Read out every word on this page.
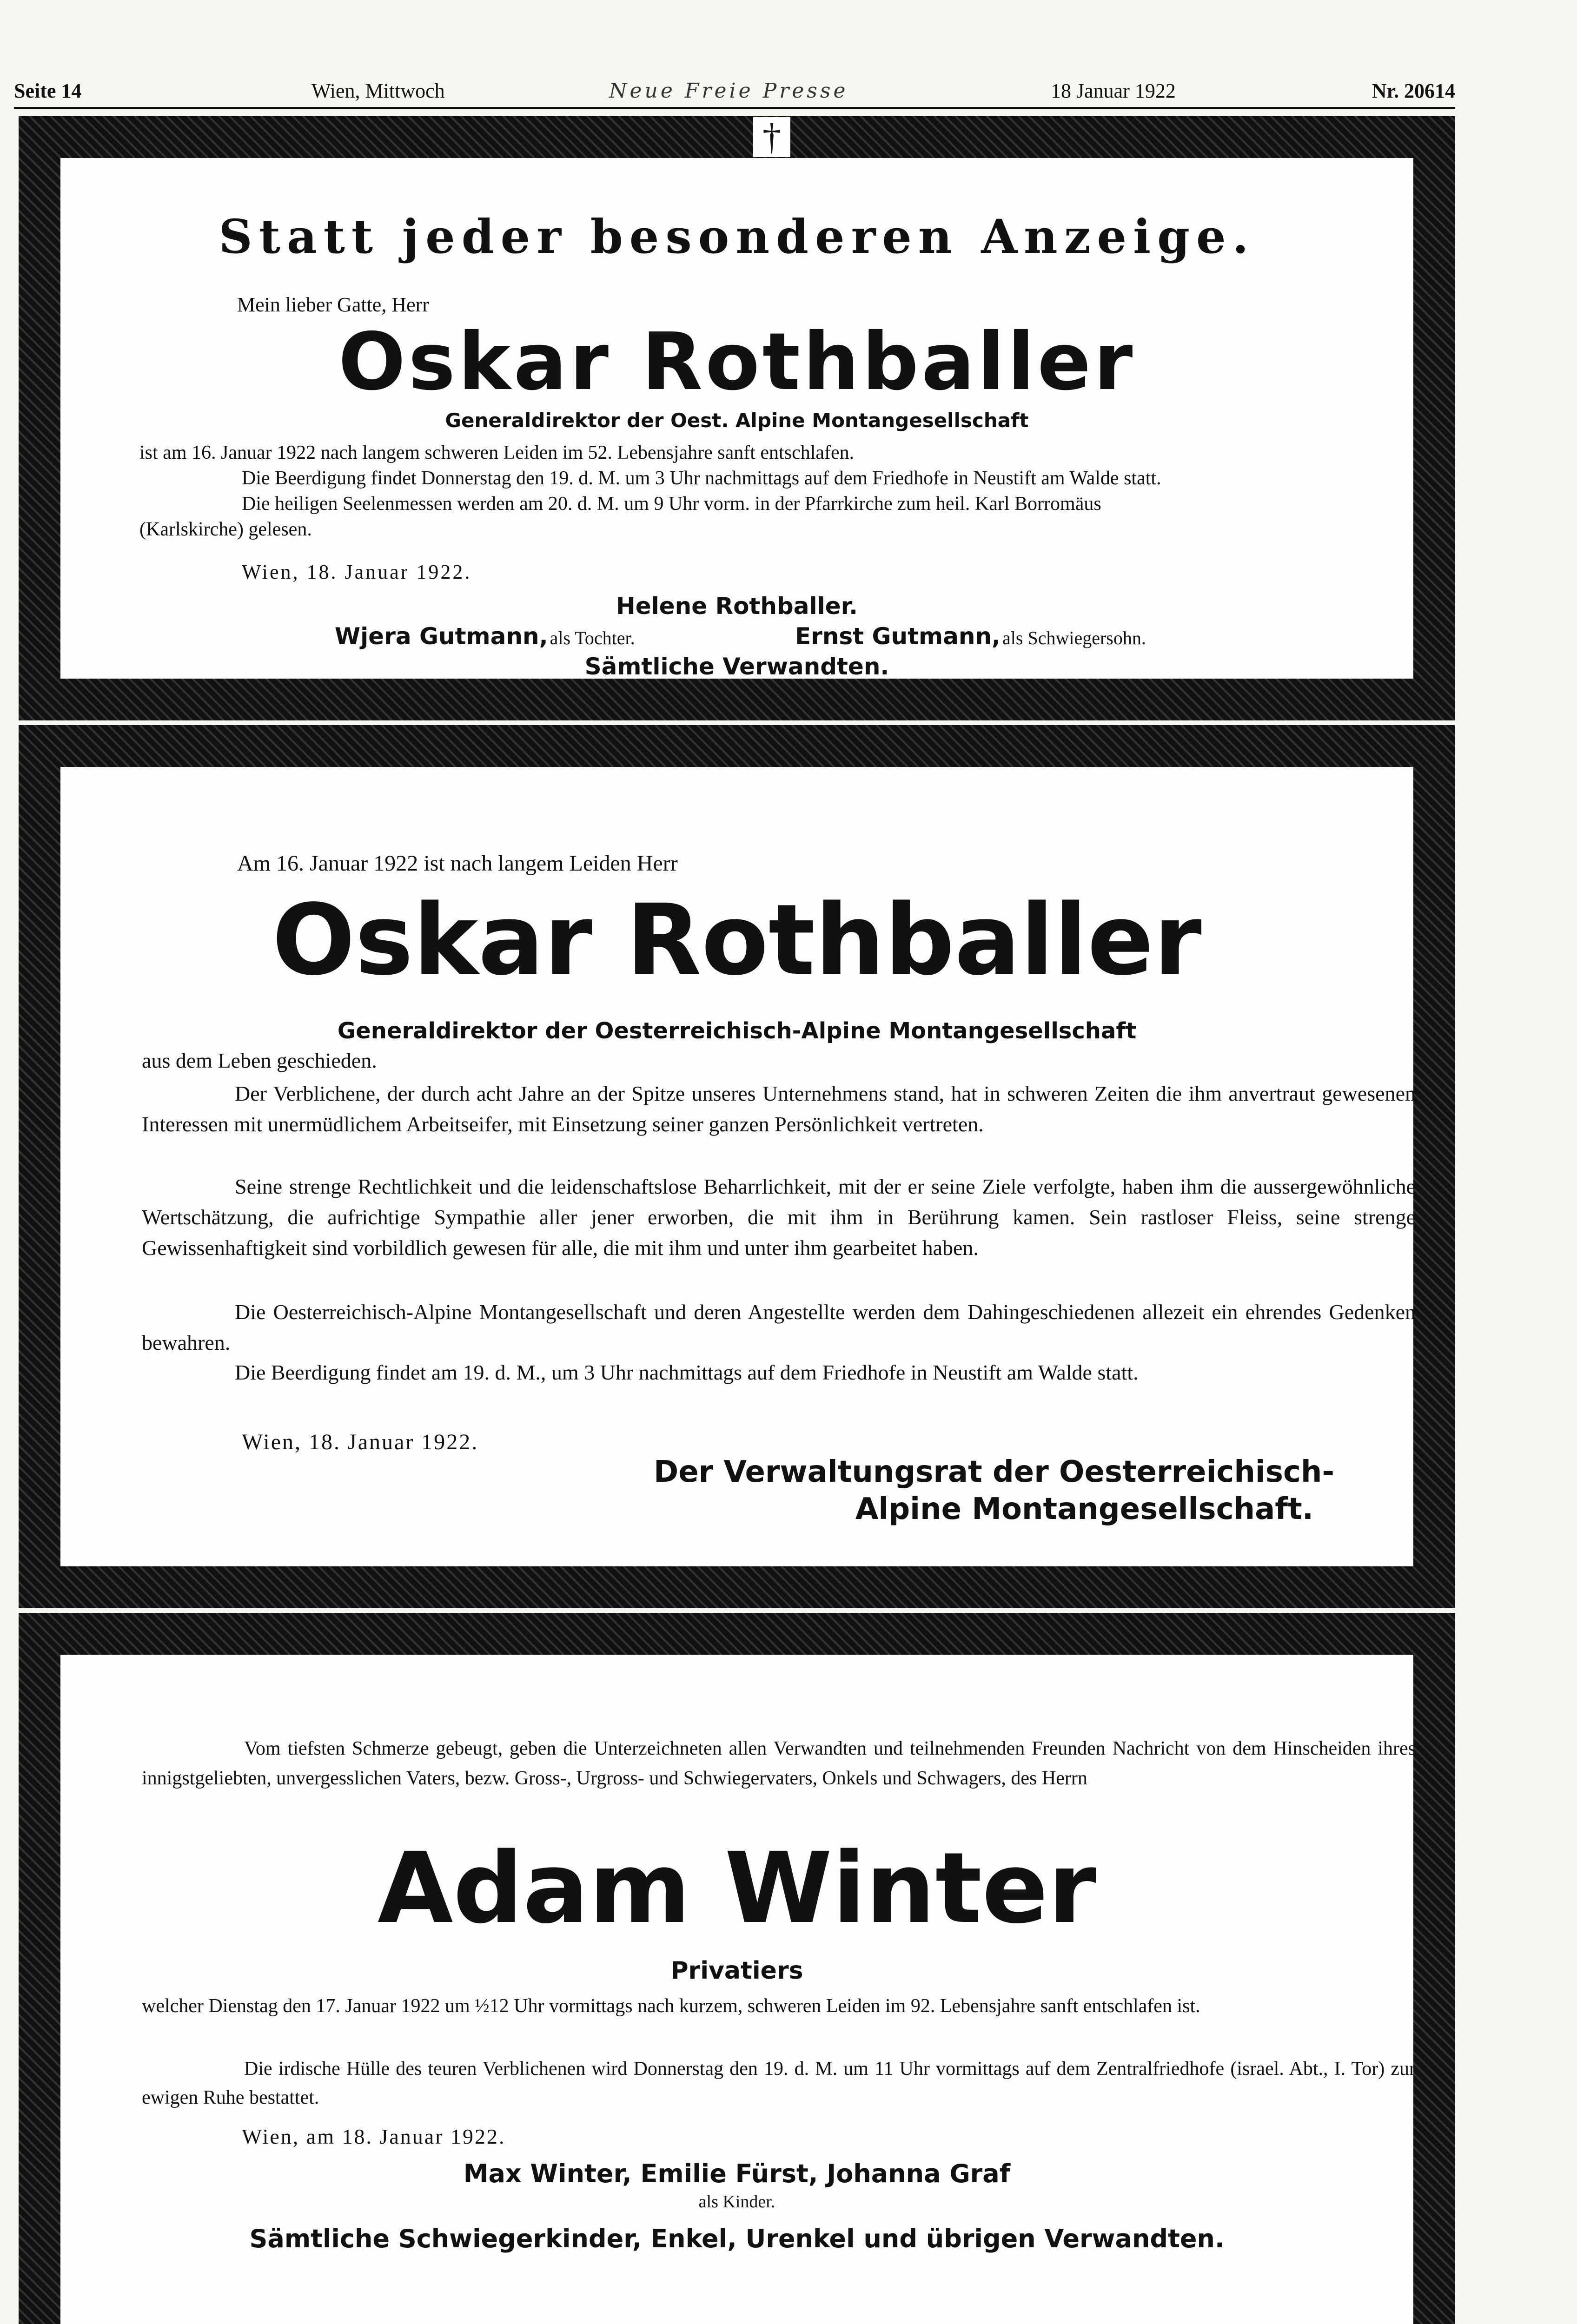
Seite 14	Wien, Mittwoch	Neue Freie Presse	18 Januar 1922	Nr. 20614
†
Statt jeder besonderen Anzeige.
Mein lieber Gatte, Herr
Oskar Rothballer
Generaldirektor der Oest. Alpine Montangesellschaft
ist am 16. Januar 1922 nach langem schweren Leiden im 52. Lebensjahre sanft entschlafen.
Die Beerdigung findet Donnerstag den 19. d. M. um 3 Uhr nachmittags auf dem Friedhofe in Neustift am Walde statt.
Die heiligen Seelenmessen werden am 20. d. M. um 9 Uhr vorm. in der Pfarrkirche zum heil. Karl Borromäus
(Karlskirche) gelesen.
Wien, 18. Januar 1922.
Helene Rothballer.
Wjera Gutmann, als Tochter.	Ernst Gutmann, als Schwiegersohn.
Sämtliche Verwandten.
Am 16. Januar 1922 ist nach langem Leiden Herr
Oskar Rothballer
Generaldirektor der Oesterreichisch-Alpine Montangesellschaft
aus dem Leben geschieden.
Der Verblichene, der durch acht Jahre an der Spitze unseres Unternehmens stand, hat in schweren Zeiten die ihm anvertraut gewesenen Interessen mit unermüdlichem Arbeitseifer, mit Einsetzung seiner ganzen Persönlichkeit vertreten.
Seine strenge Rechtlichkeit und die leidenschaftslose Beharrlichkeit, mit der er seine Ziele verfolgte, haben ihm die aussergewöhnliche Wertschätzung, die aufrichtige Sympathie aller jener erworben, die mit ihm in Berührung kamen. Sein rastloser Fleiss, seine strenge Gewissenhaftigkeit sind vorbildlich gewesen für alle, die mit ihm und unter ihm gearbeitet haben.
Die Oesterreichisch-Alpine Montangesellschaft und deren Angestellte werden dem Dahingeschiedenen allezeit ein ehrendes Gedenken bewahren.
Die Beerdigung findet am 19. d. M., um 3 Uhr nachmittags auf dem Friedhofe in Neustift am Walde statt.
Wien, 18. Januar 1922.
Der Verwaltungsrat der Oesterreichisch-
Alpine Montangesellschaft.
Vom tiefsten Schmerze gebeugt, geben die Unterzeichneten allen Verwandten und teilnehmenden Freunden Nachricht von dem Hinscheiden ihres innigstgeliebten, unvergesslichen Vaters, bezw. Gross-, Urgross- und Schwiegervaters, Onkels und Schwagers, des Herrn
Adam Winter
Privatiers
welcher Dienstag den 17. Januar 1922 um ½12 Uhr vormittags nach kurzem, schweren Leiden im 92. Lebensjahre sanft entschlafen ist.
Die irdische Hülle des teuren Verblichenen wird Donnerstag den 19. d. M. um 11 Uhr vormittags auf dem Zentralfriedhofe (israel. Abt., I. Tor) zur ewigen Ruhe bestattet.
Wien, am 18. Januar 1922.
Max Winter, Emilie Fürst, Johanna Graf
als Kinder.
Sämtliche Schwiegerkinder, Enkel, Urenkel und übrigen Verwandten.
